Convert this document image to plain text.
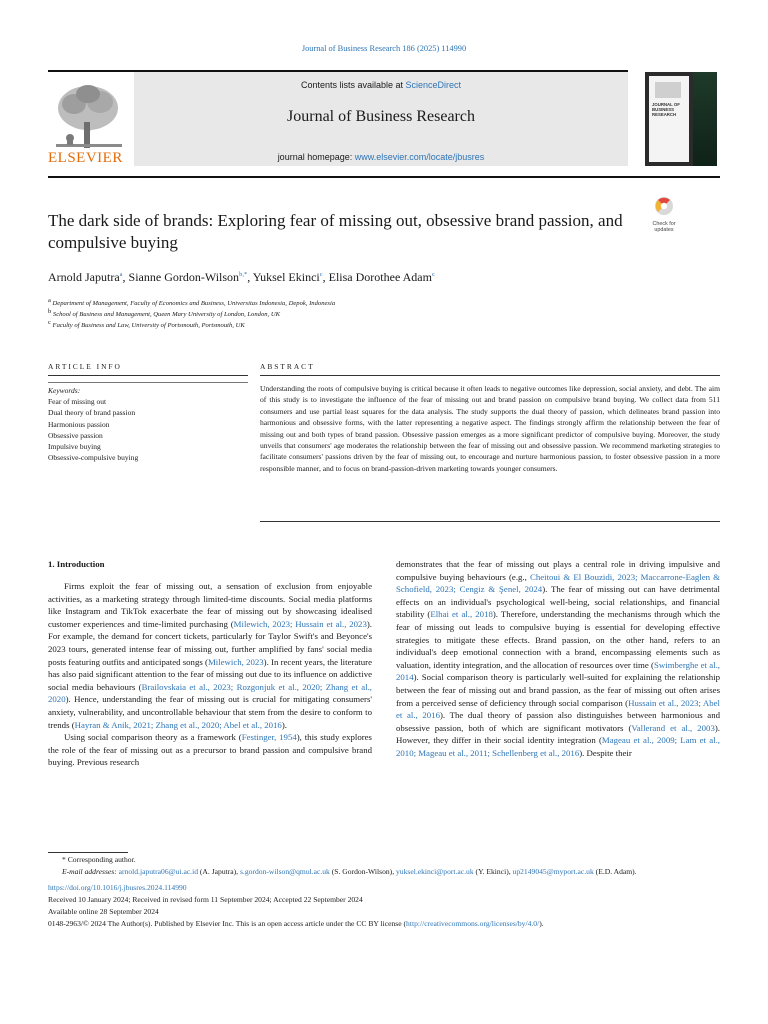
Journal of Business Research 186 (2025) 114990
ELSEVIER
Contents lists available at ScienceDirect
Journal of Business Research
journal homepage: www.elsevier.com/locate/jbusres
JOURNAL OF
BUSINESS
RESEARCH
The dark side of brands: Exploring fear of missing out, obsessive brand passion, and compulsive buying
Check for updates
Arnold Japutra$^a$, Sianne Gordon-Wilson$^{b,*}$, Yuksel Ekinci$^c$, Elisa Dorothee Adam$^c$
$^a$ Department of Management, Faculty of Economics and Business, Universitas Indonesia, Depok, Indonesia
$^b$ School of Business and Management, Queen Mary University of London, London, UK
$^c$ Faculty of Business and Law, University of Portsmouth, Portsmouth, UK
ARTICLE INFO	ABSTRACT
Keywords:
Fear of missing out
Dual theory of brand passion
Harmonious passion
Obsessive passion
Impulsive buying
Obsessive-compulsive buying
Understanding the roots of compulsive buying is critical because it often leads to negative outcomes like depression, social anxiety, and debt. The aim of this study is to investigate the influence of the fear of missing out and brand passion on compulsive brand buying. We collect data from 511 consumers and use partial least squares for the data analysis. The study supports the dual theory of passion, which delineates brand passion into harmonious and obsessive forms, with the latter representing a negative aspect. The findings strongly affirm the relationship between the fear of missing out and both types of brand passion. Obsessive passion emerges as a more significant predictor of compulsive buying. Moreover, the study unveils that consumers' age moderates the relationship between the fear of missing out and obsessive passion. We recommend marketing strategies to facilitate consumers' passions driven by the fear of missing out, to encourage and nurture harmonious passion, to foster obsessive passion in a more responsible manner, and to focus on brand-passion-driven marketing towards younger consumers.
1. Introduction

Firms exploit the fear of missing out, a sensation of exclusion from enjoyable activities, as a marketing strategy through limited-time discounts. Social media platforms like Instagram and TikTok exacerbate the fear of missing out by showcasing idealised customer experiences and time-limited purchasing (Milewich, 2023; Hussain et al., 2023). For example, the demand for concert tickets, particularly for Taylor Swift's and Beyonce's 2023 tours, generated intense fear of missing out, further amplified by fans' social media posts featuring outfits and anticipated songs (Milewich, 2023). In recent years, the literature has also paid significant attention to the fear of missing out due to its influence on addictive social media behaviours (Brailovskaia et al., 2023; Rozgonjuk et al., 2020; Zhang et al., 2020). Hence, understanding the fear of missing out is crucial for mitigating consumers' anxiety, vulnerability, and uncontrollable behaviour that stem from the desire to conform to trends (Hayran & Anik, 2021; Zhang et al., 2020; Abel et al., 2016).

Using social comparison theory as a framework (Festinger, 1954), this study explores the role of the fear of missing out as a precursor to brand passion and compulsive brand buying. Previous research

demonstrates that the fear of missing out plays a central role in driving impulsive and compulsive buying behaviours (e.g., Cheitoui & El Bouzidi, 2023; Maccarrone-Eaglen & Schofield, 2023; Cengiz & Şenel, 2024). The fear of missing out can have detrimental effects on an individual's psychological well-being, social relationships, and financial stability (Elhai et al., 2018). Therefore, understanding the mechanisms through which the fear of missing out leads to compulsive buying is essential for developing effective strategies to mitigate these effects. Brand passion, on the other hand, refers to an individual's deep emotional connection with a brand, encompassing elements such as valuation, identity integration, and the allocation of resources over time (Swimberghe et al., 2014). Social comparison theory is particularly well-suited for explaining the relationship between the fear of missing out and brand passion, as the fear of missing out often arises from a perceived sense of deficiency through social comparison (Hussain et al., 2023; Abel et al., 2016). The dual theory of passion also distinguishes between harmonious and obsessive passion, both of which are significant motivators (Vallerand et al., 2003). However, they differ in their social identity integration (Mageau et al., 2009; Lam et al., 2010; Mageau et al., 2011; Schellenberg et al., 2016). Despite their

* Corresponding author.
E-mail addresses: arnold.japutra06@ui.ac.id (A. Japutra), s.gordon-wilson@qmul.ac.uk (S. Gordon-Wilson), yuksel.ekinci@port.ac.uk (Y. Ekinci), up2149045@myport.ac.uk (E.D. Adam).
https://doi.org/10.1016/j.jbusres.2024.114990
Received 10 January 2024; Received in revised form 11 September 2024; Accepted 22 September 2024
Available online 28 September 2024
0148-2963/© 2024 The Author(s). Published by Elsevier Inc. This is an open access article under the CC BY license (http://creativecommons.org/licenses/by/4.0/).
